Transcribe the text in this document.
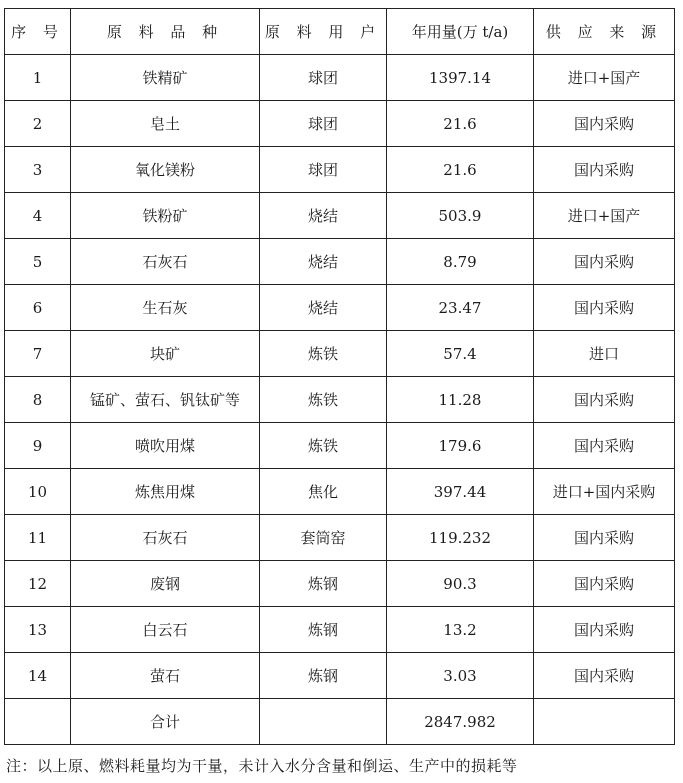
序 号	原 料 品 种	原 料 用 户	年用量(万 t/a)	供 应 来 源
1	铁精矿	球团	1397.14	进口+国产
2	皂土	球团	21.6	国内采购
3	氧化镁粉	球团	21.6	国内采购
4	铁粉矿	烧结	503.9	进口+国产
5	石灰石	烧结	8.79	国内采购
6	生石灰	烧结	23.47	国内采购
7	块矿	炼铁	57.4	进口
8	锰矿、萤石、钒钛矿等	炼铁	11.28	国内采购
9	喷吹用煤	炼铁	179.6	国内采购
10	炼焦用煤	焦化	397.44	进口+国内采购
11	石灰石	套筒窑	119.232	国内采购
12	废钢	炼钢	90.3	国内采购
13	白云石	炼钢	13.2	国内采购
14	萤石	炼钢	3.03	国内采购
	合计		2847.982	
注：以上原、燃料耗量均为干量，未计入水分含量和倒运、生产中的损耗等
